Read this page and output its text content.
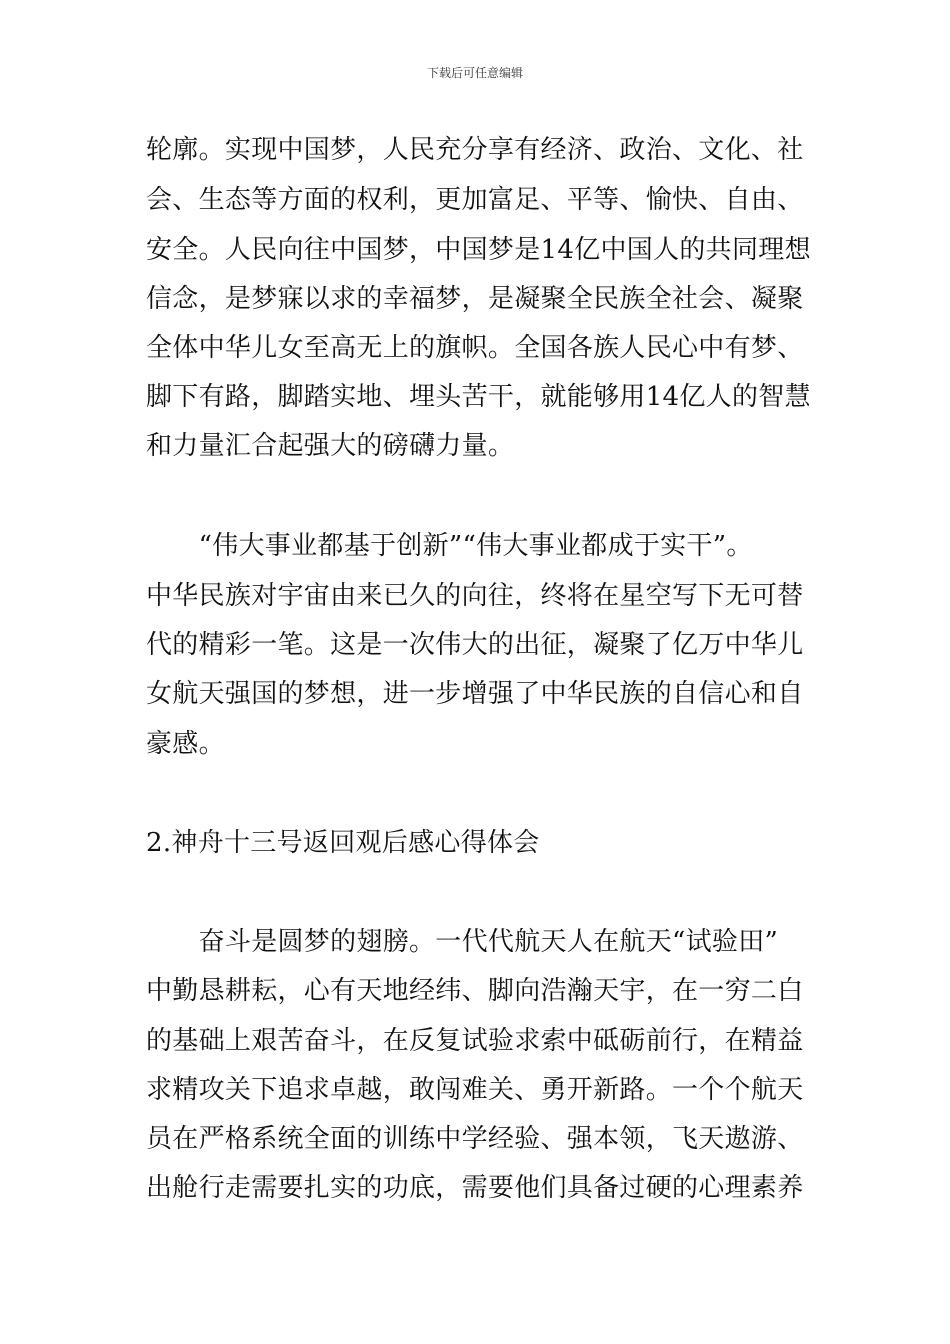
下载后可任意编辑
轮廓。实现中国梦，人民充分享有经济、政治、文化、社
会、生态等方面的权利，更加富足、平等、愉快、自由、
安全。人民向往中国梦，中国梦是14亿中国人的共同理想
信念，是梦寐以求的幸福梦，是凝聚全民族全社会、凝聚
全体中华儿女至高无上的旗帜。全国各族人民心中有梦、
脚下有路，脚踏实地、埋头苦干，就能够用14亿人的智慧
和力量汇合起强大的磅礴力量。
　　“伟大事业都基于创新”“伟大事业都成于实干”。
中华民族对宇宙由来已久的向往，终将在星空写下无可替
代的精彩一笔。这是一次伟大的出征，凝聚了亿万中华儿
女航天强国的梦想，进一步增强了中华民族的自信心和自
豪感。
2.神舟十三号返回观后感心得体会
　　奋斗是圆梦的翅膀。一代代航天人在航天“试验田”
中勤恳耕耘，心有天地经纬、脚向浩瀚天宇，在一穷二白
的基础上艰苦奋斗，在反复试验求索中砥砺前行，在精益
求精攻关下追求卓越，敢闯难关、勇开新路。一个个航天
员在严格系统全面的训练中学经验、强本领，飞天遨游、
出舱行走需要扎实的功底，需要他们具备过硬的心理素养
